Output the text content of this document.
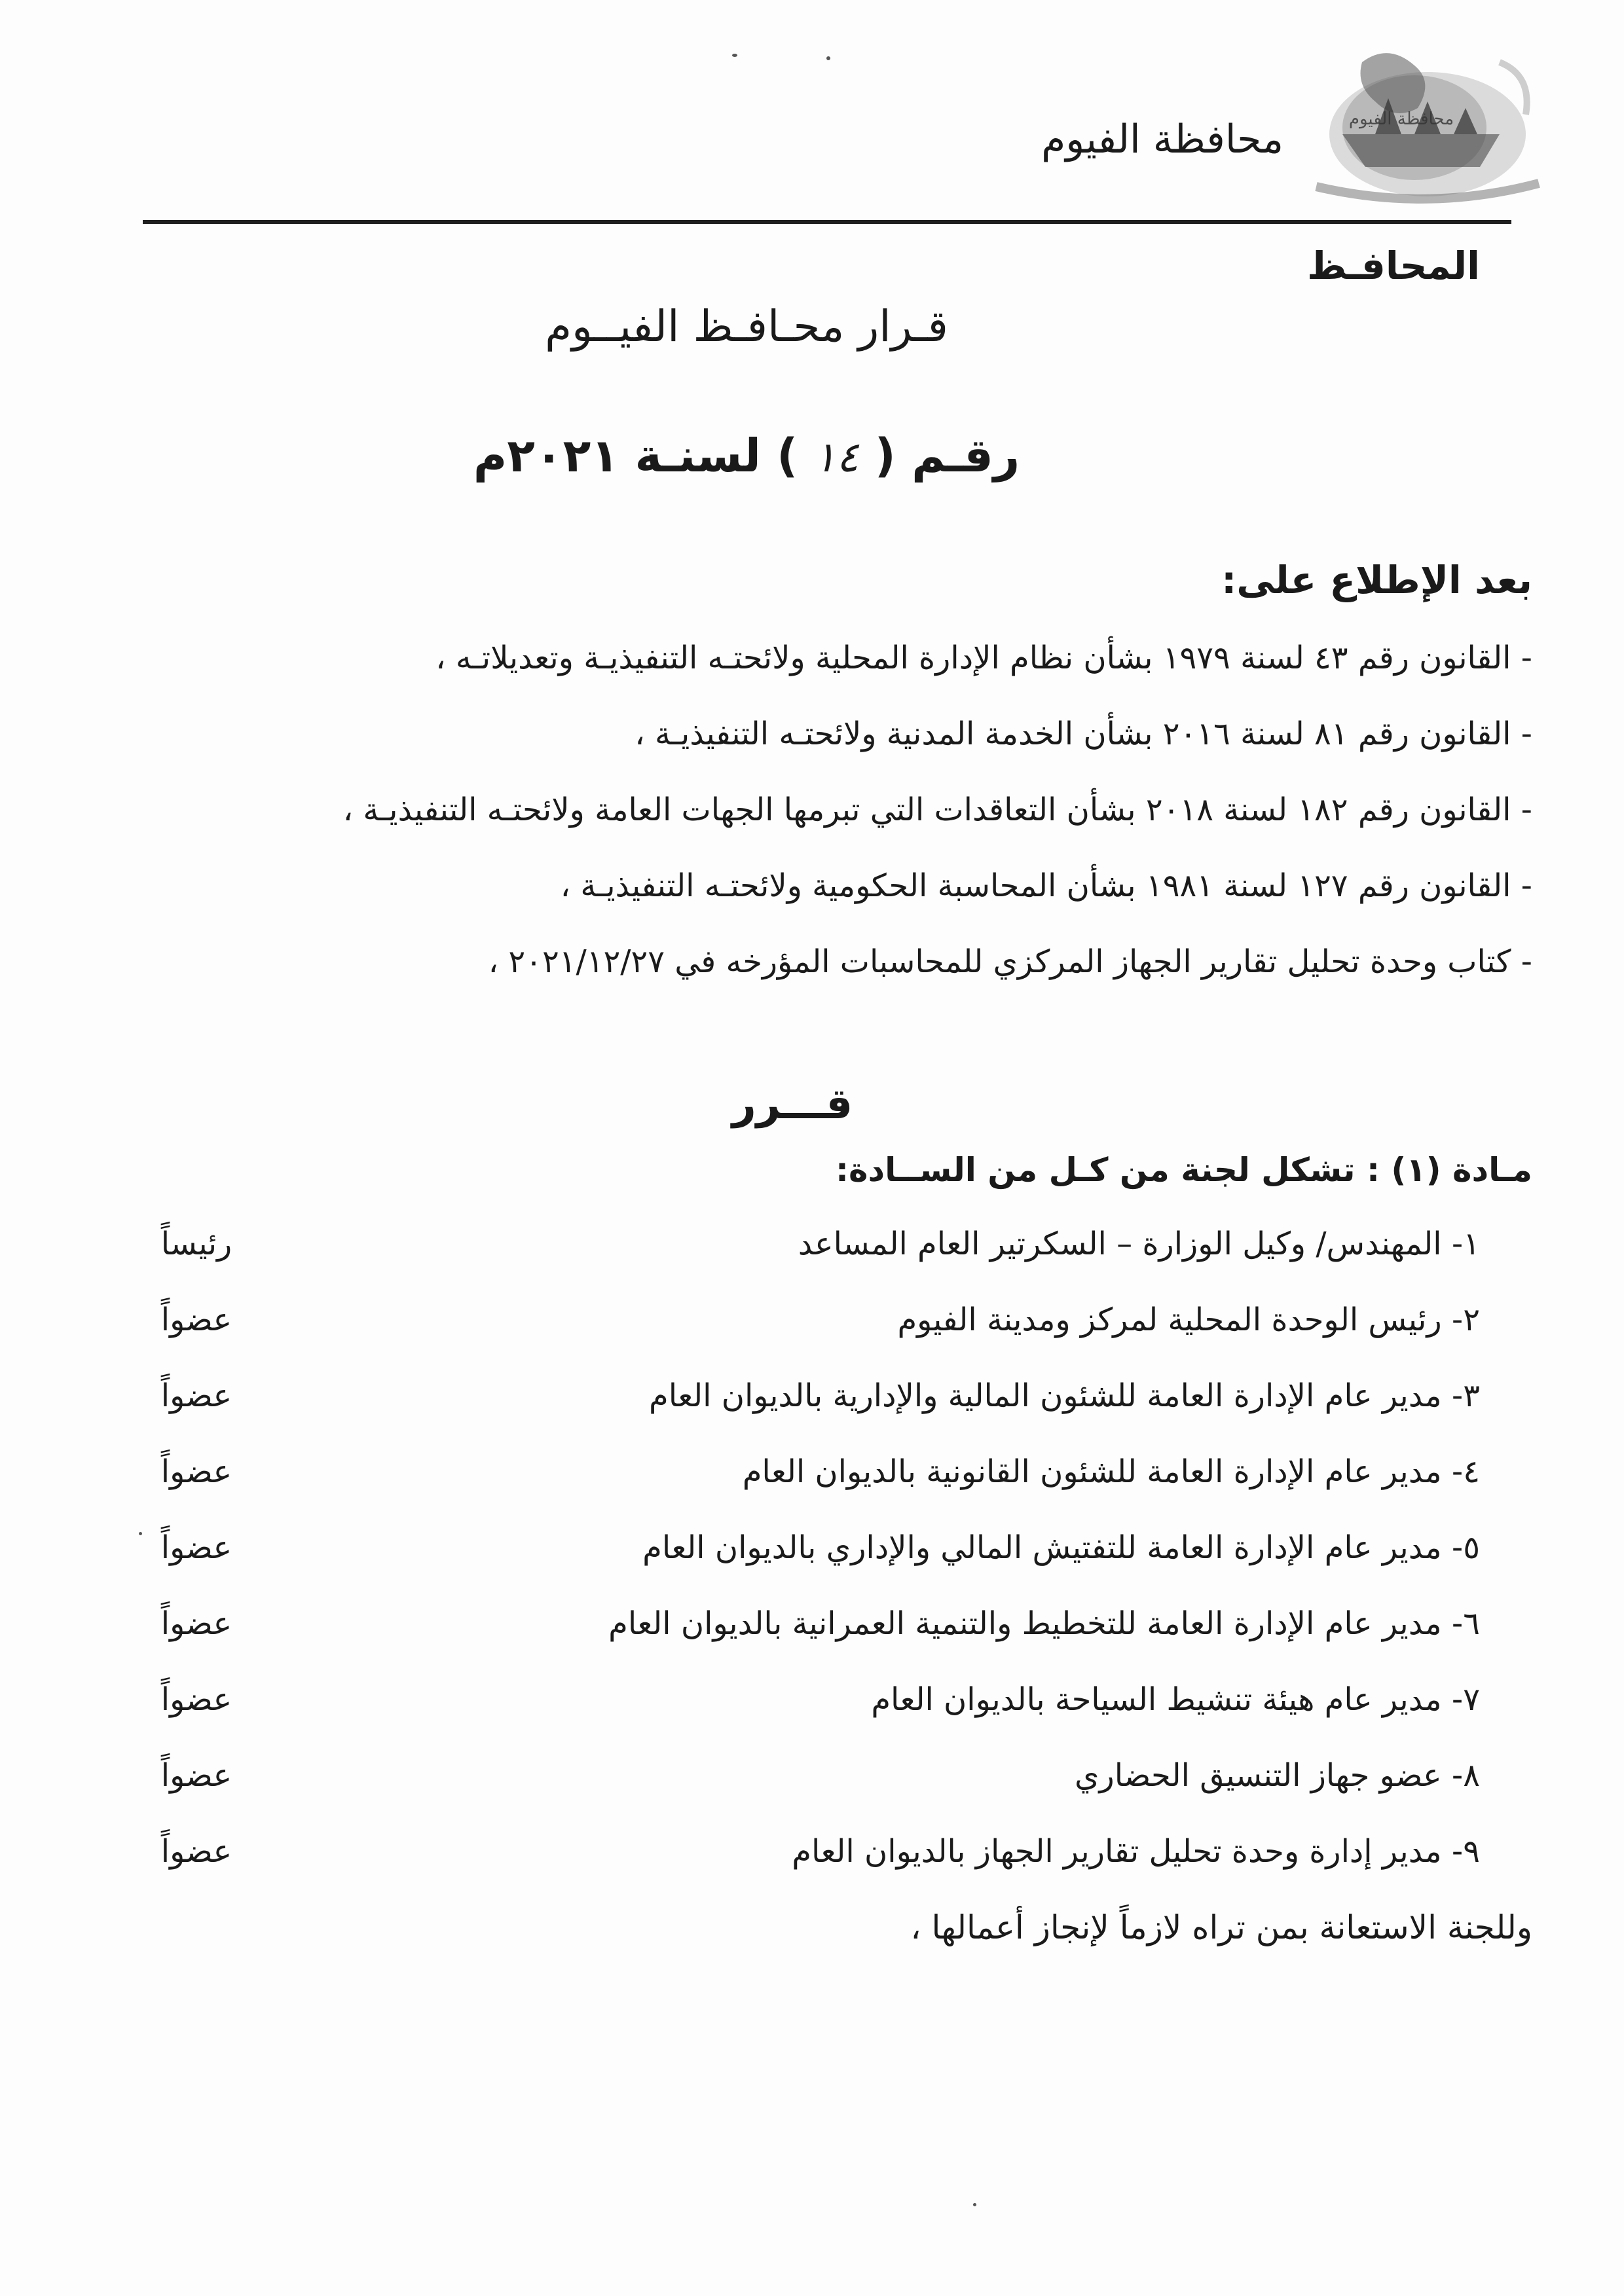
محافظة الفيوم
محافظة الفيوم
المحافـظ
قـرار محـافـظ الفيــوم
رقـم ( ١٤ ) لسنـة ٢٠٢١م
بعد الإطلاع على:
- القانون رقم ٤٣ لسنة ١٩٧٩ بشأن نظام الإدارة المحلية ولائحتـه التنفيذيـة وتعديلاتـه ،
- القانون رقم ٨١ لسنة ٢٠١٦ بشأن الخدمة المدنية ولائحتـه التنفيذيـة ،
- القانون رقم ١٨٢ لسنة ٢٠١٨ بشأن التعاقدات التي تبرمها الجهات العامة ولائحتـه التنفيذيـة ،
- القانون رقم ١٢٧ لسنة ١٩٨١ بشأن المحاسبة الحكومية ولائحتـه التنفيذيـة ،
- كتاب وحدة تحليل تقارير الجهاز المركزي للمحاسبات المؤرخه في ٢٠٢١/١٢/٢٧ ،
قـــرر
مـادة (١) : تشكل لجنة من كـل من الســادة:
١- المهندس/ وكيل الوزارة – السكرتير العام المساعد
رئيساً
٢- رئيس الوحدة المحلية لمركز ومدينة الفيوم
عضواً
٣- مدير عام الإدارة العامة للشئون المالية والإدارية بالديوان العام
عضواً
٤- مدير عام الإدارة العامة للشئون القانونية بالديوان العام
عضواً
٥- مدير عام الإدارة العامة للتفتيش المالي والإداري بالديوان العام
عضواً
٦- مدير عام الإدارة العامة للتخطيط والتنمية العمرانية بالديوان العام
عضواً
٧- مدير عام هيئة تنشيط السياحة بالديوان العام
عضواً
٨- عضو جهاز التنسيق الحضاري
عضواً
٩- مدير إدارة وحدة تحليل تقارير الجهاز بالديوان العام
عضواً
وللجنة الاستعانة بمن تراه لازماً لإنجاز أعمالها ،
